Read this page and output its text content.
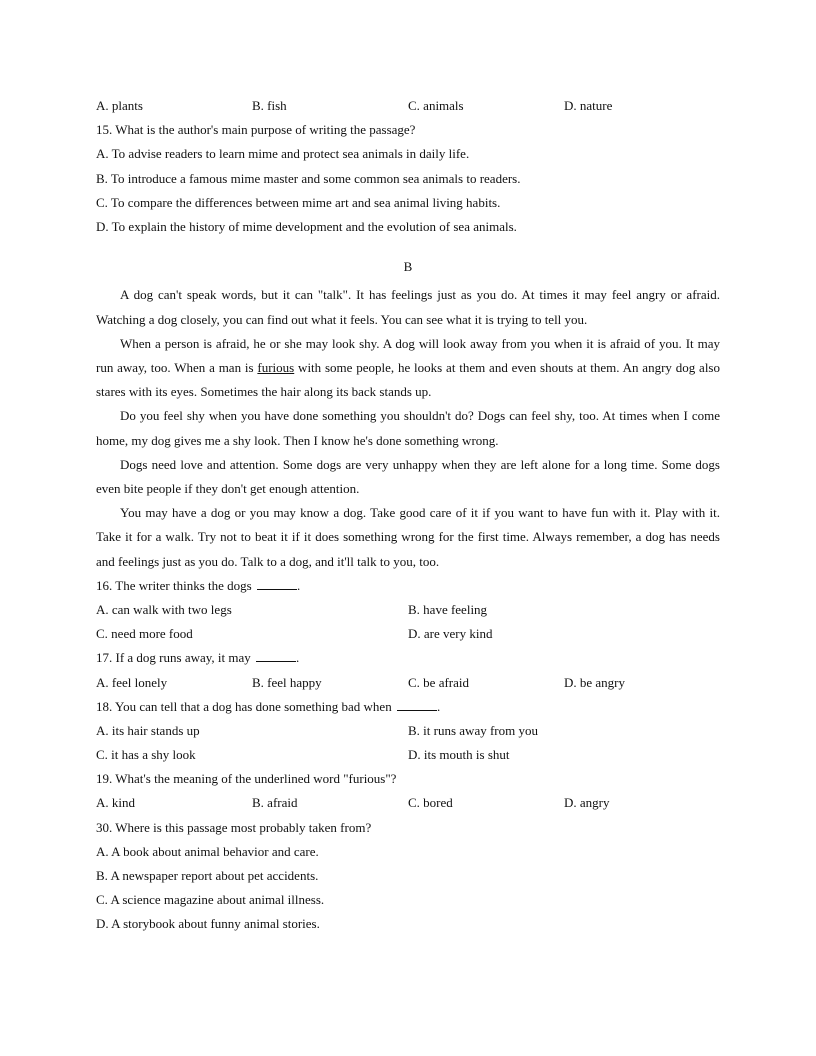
A. plants	B. fish	C. animals	D. nature
15. What is the author's main purpose of writing the passage?
A. To advise readers to learn mime and protect sea animals in daily life.
B. To introduce a famous mime master and some common sea animals to readers.
C. To compare the differences between mime art and sea animal living habits.
D. To explain the history of mime development and the evolution of sea animals.
B
A dog can't speak words, but it can "talk". It has feelings just as you do. At times it may feel angry or afraid. Watching a dog closely, you can find out what it feels. You can see what it is trying to tell you.
When a person is afraid, he or she may look shy. A dog will look away from you when it is afraid of you. It may run away, too. When a man is furious with some people, he looks at them and even shouts at them. An angry dog also stares with its eyes. Sometimes the hair along its back stands up.
Do you feel shy when you have done something you shouldn't do? Dogs can feel shy, too. At times when I come home, my dog gives me a shy look. Then I know he's done something wrong.
Dogs need love and attention. Some dogs are very unhappy when they are left alone for a long time. Some dogs even bite people if they don't get enough attention.
You may have a dog or you may know a dog. Take good care of it if you want to have fun with it. Play with it. Take it for a walk. Try not to beat it if it does something wrong for the first time. Always remember, a dog has needs and feelings just as you do. Talk to a dog, and it'll talk to you, too.
16. The writer thinks the dogs	.
A. can walk with two legs	B. have feeling
C. need more food	D. are very kind
17. If a dog runs away, it may	.
A. feel lonely	B. feel happy	C. be afraid	D. be angry
18. You can tell that a dog has done something bad when	.
A. its hair stands up	B. it runs away from you
C. it has a shy look	D. its mouth is shut
19. What's the meaning of the underlined word "furious"?
A. kind	B. afraid	C. bored	D. angry
30. Where is this passage most probably taken from?
A. A book about animal behavior and care.
B. A newspaper report about pet accidents.
C. A science magazine about animal illness.
D. A storybook about funny animal stories.
